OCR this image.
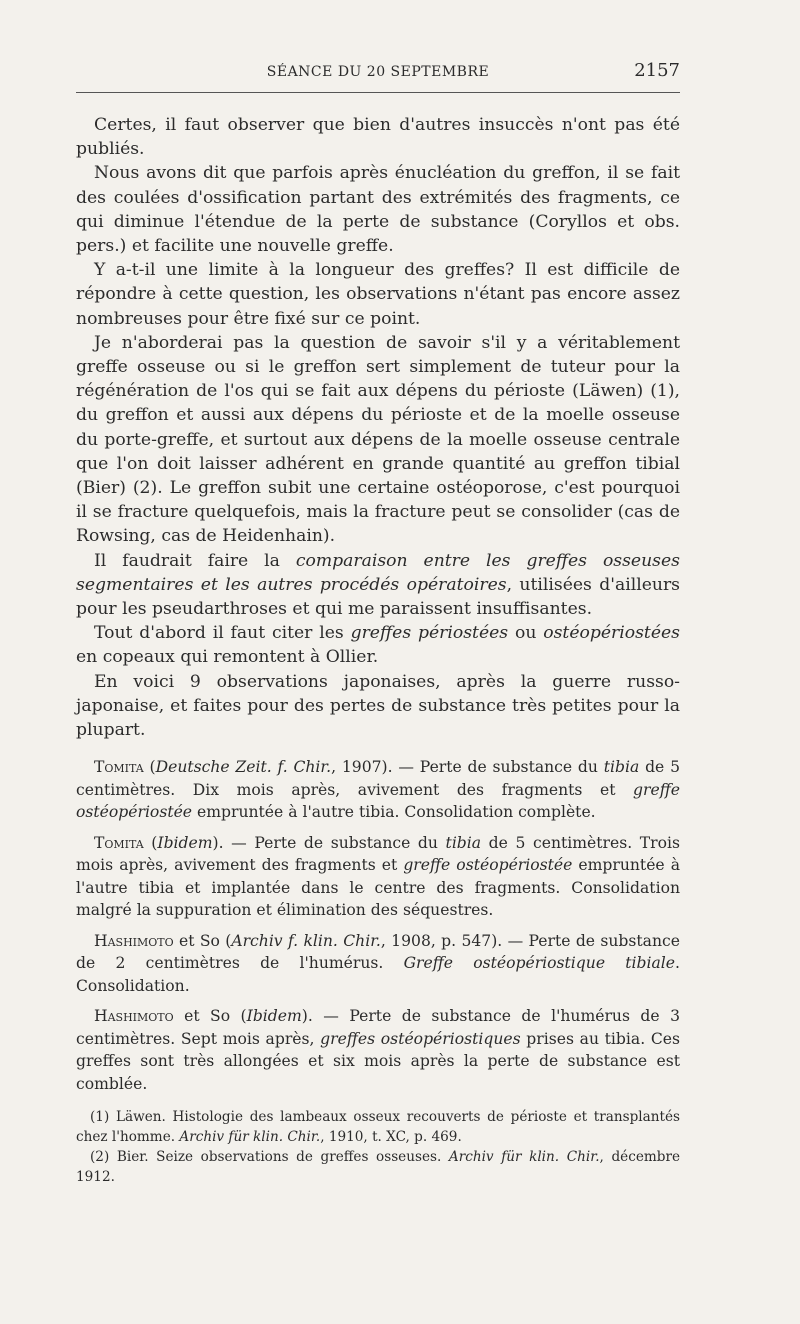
SÉANCE DU 20 SEPTEMBRE	2157

Certes, il faut observer que bien d'autres insuccès n'ont pas été publiés.

Nous avons dit que parfois après énucléation du greffon, il se fait des coulées d'ossification partant des extrémités des fragments, ce qui diminue l'étendue de la perte de substance (Coryllos et obs. pers.) et facilite une nouvelle greffe.

Y a-t-il une limite à la longueur des greffes? Il est difficile de répondre à cette question, les observations n'étant pas encore assez nombreuses pour être fixé sur ce point.

Je n'aborderai pas la question de savoir s'il y a véritablement greffe osseuse ou si le greffon sert simplement de tuteur pour la régénération de l'os qui se fait aux dépens du périoste (Läwen) (1), du greffon et aussi aux dépens du périoste et de la moelle osseuse du porte-greffe, et surtout aux dépens de la moelle osseuse centrale que l'on doit laisser adhérent en grande quantité au greffon tibial (Bier) (2). Le greffon subit une certaine ostéoporose, c'est pourquoi il se fracture quelquefois, mais la fracture peut se consolider (cas de Rowsing, cas de Heidenhain).

Il faudrait faire la comparaison entre les greffes osseuses segmentaires et les autres procédés opératoires, utilisées d'ailleurs pour les pseudarthroses et qui me paraissent insuffisantes.

Tout d'abord il faut citer les greffes périostées ou ostéopériostées en copeaux qui remontent à Ollier.

En voici 9 observations japonaises, après la guerre russo-japonaise, et faites pour des pertes de substance très petites pour la plupart.

Tomita (Deutsche Zeit. f. Chir., 1907). — Perte de substance du tibia de 5 centimètres. Dix mois après, avivement des fragments et greffe ostéopériostée empruntée à l'autre tibia. Consolidation complète.

Tomita (Ibidem). — Perte de substance du tibia de 5 centimètres. Trois mois après, avivement des fragments et greffe ostéopériostée empruntée à l'autre tibia et implantée dans le centre des fragments. Consolidation malgré la suppuration et élimination des séquestres.

Hashimoto et So (Archiv f. klin. Chir., 1908, p. 547). — Perte de substance de 2 centimètres de l'humérus. Greffe ostéopériostique tibiale. Consolidation.

Hashimoto et So (Ibidem). — Perte de substance de l'humérus de 3 centimètres. Sept mois après, greffes ostéopériostiques prises au tibia. Ces greffes sont très allongées et six mois après la perte de substance est comblée.

(1) Läwen. Histologie des lambeaux osseux recouverts de périoste et transplantés chez l'homme. Archiv für klin. Chir., 1910, t. XC, p. 469.

(2) Bier. Seize observations de greffes osseuses. Archiv für klin. Chir., décembre 1912.
